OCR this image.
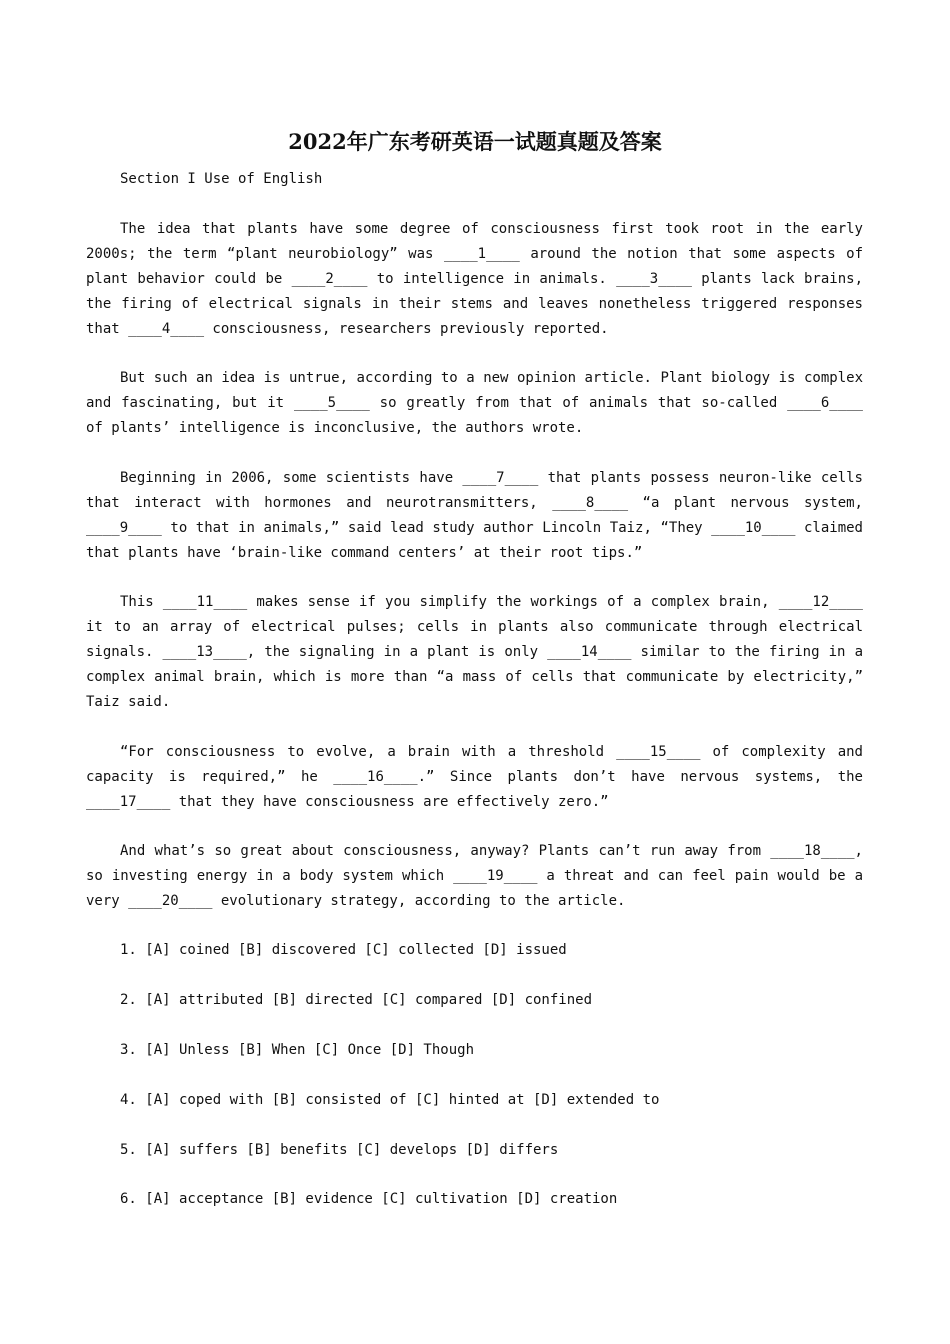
2022年广东考研英语一试题真题及答案

Section I Use of English

The idea that plants have some degree of consciousness first took root in the early 2000s; the term “plant neurobiology” was ____1____ around the notion that some aspects of plant behavior could be ____2____ to intelligence in animals. ____3____ plants lack brains, the firing of electrical signals in their stems and leaves nonetheless triggered responses that ____4____ consciousness, researchers previously reported.

But such an idea is untrue, according to a new opinion article. Plant biology is complex and fascinating, but it ____5____ so greatly from that of animals that so-called ____6____ of plants’ intelligence is inconclusive, the authors wrote.

Beginning in 2006, some scientists have ____7____ that plants possess neuron-like cells that interact with hormones and neurotransmitters, ____8____ “a plant nervous system, ____9____ to that in animals,” said lead study author Lincoln Taiz, “They ____10____ claimed that plants have ‘brain-like command centers’ at their root tips.”

This ____11____ makes sense if you simplify the workings of a complex brain, ____12____ it to an array of electrical pulses; cells in plants also communicate through electrical signals. ____13____, the signaling in a plant is only ____14____ similar to the firing in a complex animal brain, which is more than “a mass of cells that communicate by electricity,” Taiz said.

“For consciousness to evolve, a brain with a threshold ____15____ of complexity and capacity is required,” he ____16____.” Since plants don’t have nervous systems, the ____17____ that they have consciousness are effectively zero.”

And what’s so great about consciousness, anyway? Plants can’t run away from ____18____, so investing energy in a body system which ____19____ a threat and can feel pain would be a very ____20____ evolutionary strategy, according to the article.

1. [A] coined [B] discovered [C] collected [D] issued

2. [A] attributed [B] directed [C] compared [D] confined

3. [A] Unless [B] When [C] Once [D] Though

4. [A] coped with [B] consisted of [C] hinted at [D] extended to

5. [A] suffers [B] benefits [C] develops [D] differs

6. [A] acceptance [B] evidence [C] cultivation [D] creation
